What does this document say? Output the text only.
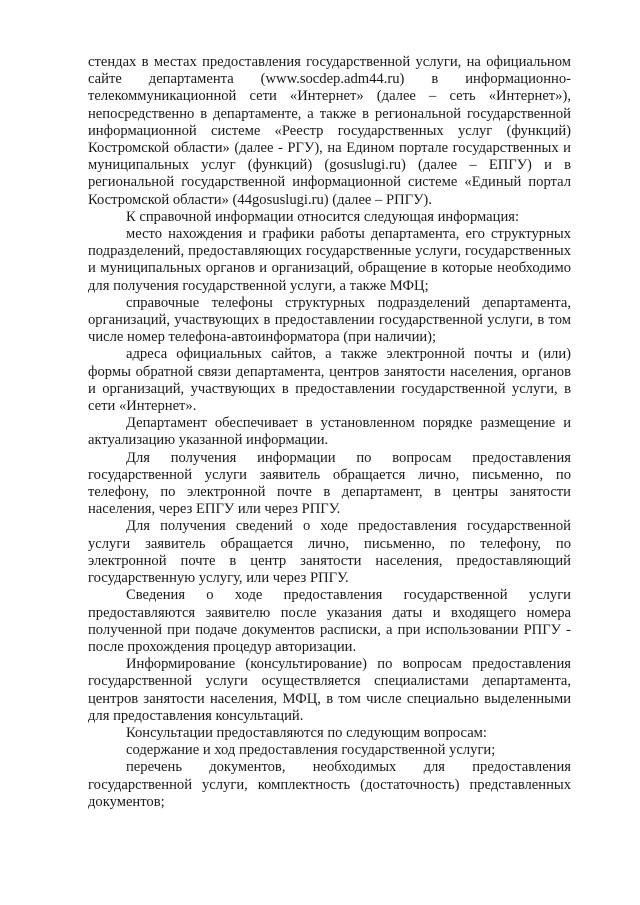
стендах в местах предоставления государственной услуги, на официальном сайте департамента (www.socdep.adm44.ru) в информационно-телекоммуникационной сети «Интернет» (далее – сеть «Интернет»), непосредственно в департаменте, а также в региональной государственной информационной системе «Реестр государственных услуг (функций) Костромской области» (далее - РГУ), на Едином портале государственных и муниципальных услуг (функций) (gosuslugi.ru) (далее – ЕПГУ) и в региональной государственной информационной системе «Единый портал Костромской области» (44gosuslugi.ru) (далее – РПГУ).

К справочной информации относится следующая информация:

место нахождения и графики работы департамента, его структурных подразделений, предоставляющих государственные услуги, государственных и муниципальных органов и организаций, обращение в которые необходимо для получения государственной услуги, а также МФЦ;

справочные телефоны структурных подразделений департамента, организаций, участвующих в предоставлении государственной услуги, в том числе номер телефона-автоинформатора (при наличии);

адреса официальных сайтов, а также электронной почты и (или) формы обратной связи департамента, центров занятости населения, органов и организаций, участвующих в предоставлении государственной услуги, в сети «Интернет».

Департамент обеспечивает в установленном порядке размещение и актуализацию указанной информации.

Для получения информации по вопросам предоставления государственной услуги заявитель обращается лично, письменно, по телефону, по электронной почте в департамент, в центры занятости населения, через ЕПГУ или через РПГУ.

Для получения сведений о ходе предоставления государственной услуги заявитель обращается лично, письменно, по телефону, по электронной почте в центр занятости населения, предоставляющий государственную услугу, или через РПГУ.

Сведения о ходе предоставления государственной услуги предоставляются заявителю после указания даты и входящего номера полученной при подаче документов расписки, а при использовании РПГУ - после прохождения процедур авторизации.

Информирование (консультирование) по вопросам предоставления государственной услуги осуществляется специалистами департамента, центров занятости населения, МФЦ, в том числе специально выделенными для предоставления консультаций.

Консультации предоставляются по следующим вопросам:

содержание и ход предоставления государственной услуги;

перечень документов, необходимых для предоставления государственной услуги, комплектность (достаточность) представленных документов;
